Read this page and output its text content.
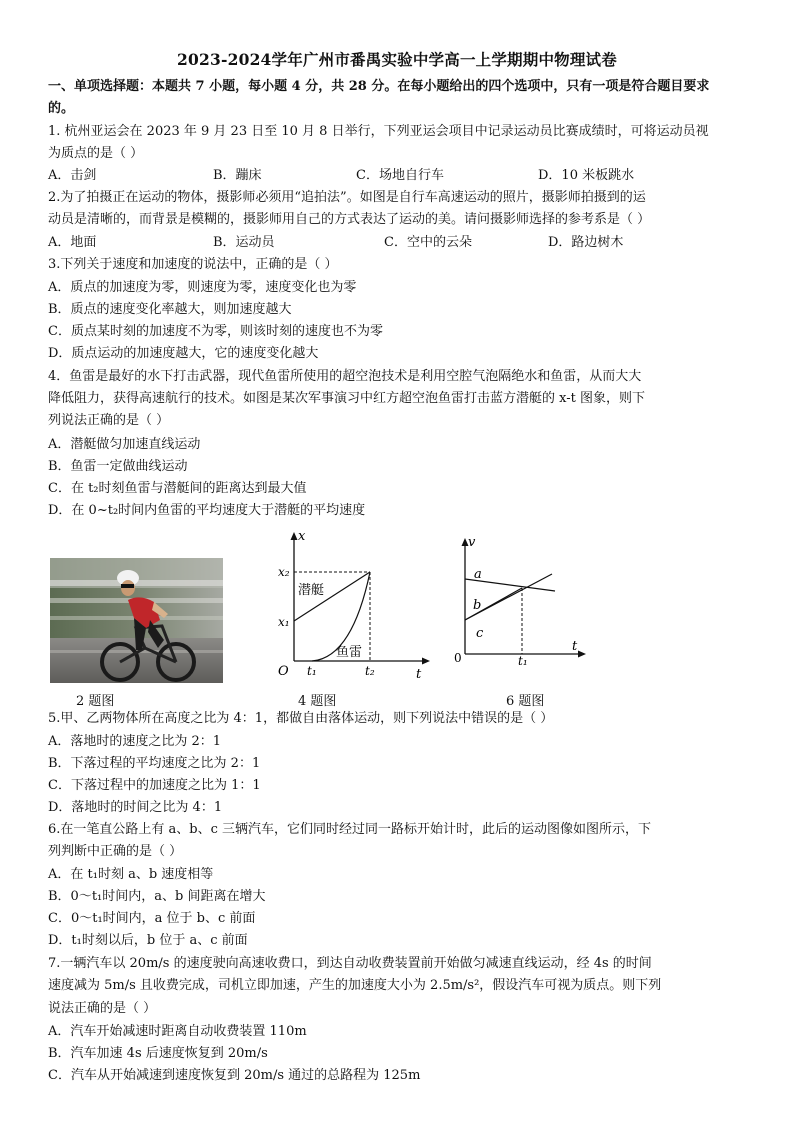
2023-2024学年广州市番禺实验中学高一上学期期中物理试卷

一、单项选择题：本题共 7 小题，每小题 4 分，共 28 分。在每小题给出的四个选项中，只有一项是符合题目要求

的。

1. 杭州亚运会在 2023 年 9 月 23 日至 10 月 8 日举行，下列亚运会项目中记录运动员比赛成绩时，可将运动员视

为质点的是（ ）

A．击剑	B．蹦床	C．场地自行车	D．10 米板跳水

2.为了拍摄正在运动的物体，摄影师必须用“追拍法”。如图是自行车高速运动的照片，摄影师拍摄到的运

动员是清晰的，而背景是模糊的，摄影师用自己的方式表达了运动的美。请问摄影师选择的参考系是（ ）

A．地面	B．运动员	C．空中的云朵	D．路边树木

3.下列关于速度和加速度的说法中，正确的是（ ）

A．质点的加速度为零，则速度为零，速度变化也为零

B．质点的速度变化率越大，则加速度越大

C．质点某时刻的加速度不为零，则该时刻的速度也不为零

D．质点运动的加速度越大，它的速度变化越大

4．鱼雷是最好的水下打击武器，现代鱼雷所使用的超空泡技术是利用空腔气泡隔绝水和鱼雷，从而大大

降低阻力，获得高速航行的技术。如图是某次军事演习中红方超空泡鱼雷打击蓝方潜艇的 x-t 图象，则下

列说法正确的是（ ）

A．潜艇做匀加速直线运动

B．鱼雷一定做曲线运动

C．在 t₂时刻鱼雷与潜艇间的距离达到最大值

D．在 0~t₂时间内鱼雷的平均速度大于潜艇的平均速度

2 题图
x
t
O
x₁
x₂
t₁	t₂
潜艇
鱼雷
4 题图
v
t
0	t₁
a
b
c
6 题图

5.甲、乙两物体所在高度之比为 4：1，都做自由落体运动，则下列说法中错误的是（ ）

A．落地时的速度之比为 2：1

B．下落过程的平均速度之比为 2：1

C．下落过程中的加速度之比为 1：1

D．落地时的时间之比为 4：1

6.在一笔直公路上有 a、b、c 三辆汽车，它们同时经过同一路标开始计时，此后的运动图像如图所示，下

列判断中正确的是（ ）

A．在 t₁时刻 a、b 速度相等

B．0～t₁时间内，a、b 间距离在增大

C．0～t₁时间内，a 位于 b、c 前面

D．t₁时刻以后，b 位于 a、c 前面

7.一辆汽车以 20m/s 的速度驶向高速收费口，到达自动收费装置前开始做匀减速直线运动，经 4s 的时间

速度减为 5m/s 且收费完成，司机立即加速，产生的加速度大小为 2.5m/s²，假设汽车可视为质点。则下列

说法正确的是（ ）

A．汽车开始减速时距离自动收费装置 110m

B．汽车加速 4s 后速度恢复到 20m/s

C．汽车从开始减速到速度恢复到 20m/s 通过的总路程为 125m
